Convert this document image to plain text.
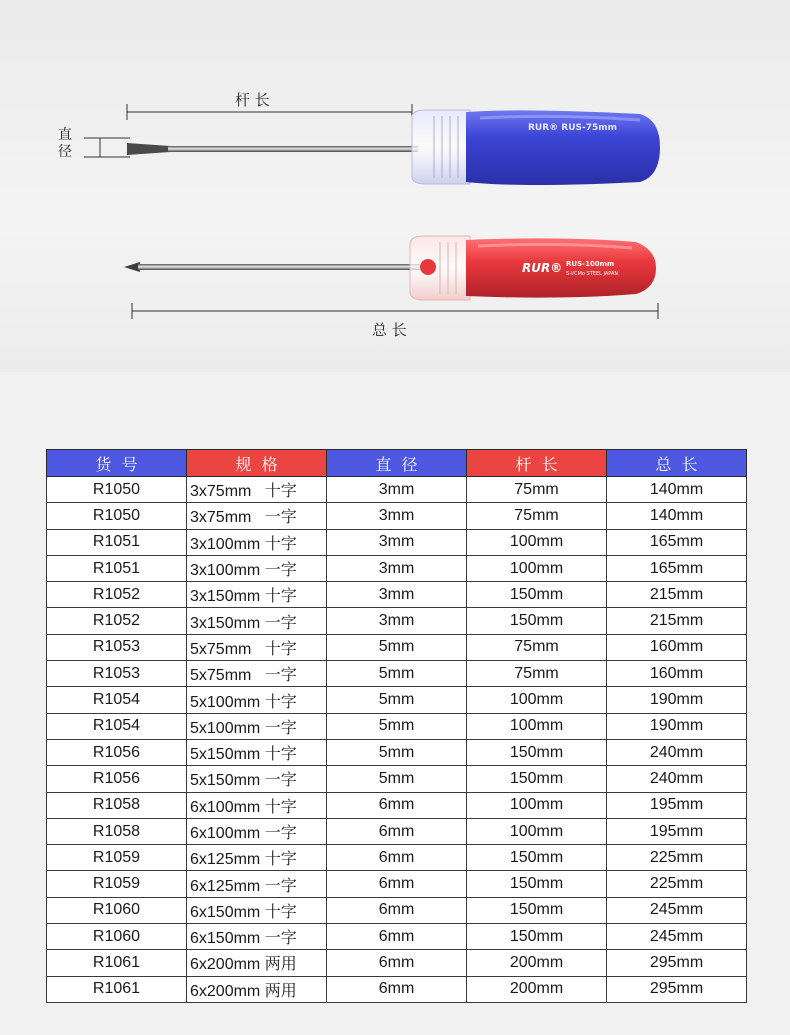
RUR® RUS-75mm
RUR® RUS-100mm
S-VCMo STEEL JAPAN
杆 长
总 长
直径
货  号	规  格	直  径	杆  长	总  长
R1050	3x75mm   十字	3mm	75mm	140mm
R1050	3x75mm   一字	3mm	75mm	140mm
R1051	3x100mm 十字	3mm	100mm	165mm
R1051	3x100mm 一字	3mm	100mm	165mm
R1052	3x150mm 十字	3mm	150mm	215mm
R1052	3x150mm 一字	3mm	150mm	215mm
R1053	5x75mm   十字	5mm	75mm	160mm
R1053	5x75mm   一字	5mm	75mm	160mm
R1054	5x100mm 十字	5mm	100mm	190mm
R1054	5x100mm 一字	5mm	100mm	190mm
R1056	5x150mm 十字	5mm	150mm	240mm
R1056	5x150mm 一字	5mm	150mm	240mm
R1058	6x100mm 十字	6mm	100mm	195mm
R1058	6x100mm 一字	6mm	100mm	195mm
R1059	6x125mm 十字	6mm	150mm	225mm
R1059	6x125mm 一字	6mm	150mm	225mm
R1060	6x150mm 十字	6mm	150mm	245mm
R1060	6x150mm 一字	6mm	150mm	245mm
R1061	6x200mm 两用	6mm	200mm	295mm
R1061	6x200mm 两用	6mm	200mm	295mm
